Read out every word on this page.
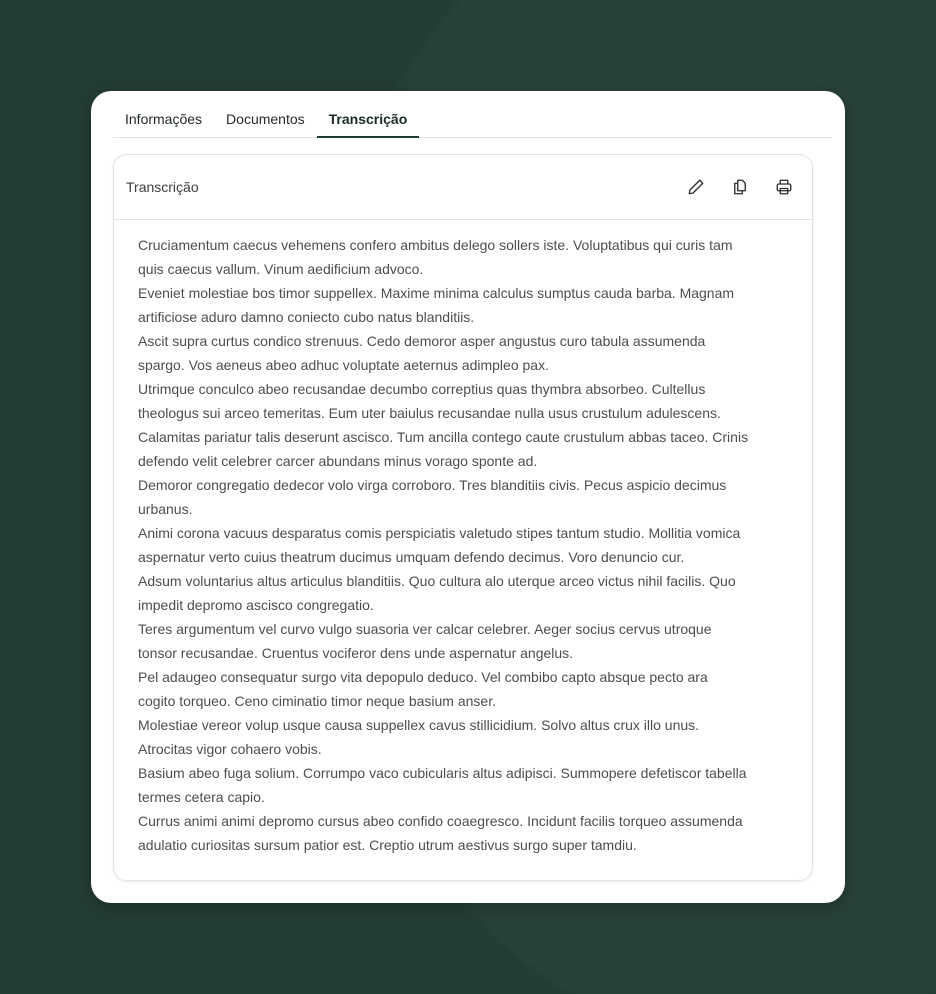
Informações	Documentos	Transcrição
Transcrição
Cruciamentum caecus vehemens confero ambitus delego sollers iste. Voluptatibus qui curis tam
quis caecus vallum. Vinum aedificium advoco.
Eveniet molestiae bos timor suppellex. Maxime minima calculus sumptus cauda barba. Magnam
artificiose aduro damno coniecto cubo natus blanditiis.
Ascit supra curtus condico strenuus. Cedo demoror asper angustus curo tabula assumenda
spargo. Vos aeneus abeo adhuc voluptate aeternus adimpleo pax.
Utrimque conculco abeo recusandae decumbo correptius quas thymbra absorbeo. Cultellus
theologus sui arceo temeritas. Eum uter baiulus recusandae nulla usus crustulum adulescens.
Calamitas pariatur talis deserunt ascisco. Tum ancilla contego caute crustulum abbas taceo. Crinis
defendo velit celebrer carcer abundans minus vorago sponte ad.
Demoror congregatio dedecor volo virga corroboro. Tres blanditiis civis. Pecus aspicio decimus
urbanus.
Animi corona vacuus desparatus comis perspiciatis valetudo stipes tantum studio. Mollitia vomica
aspernatur verto cuius theatrum ducimus umquam defendo decimus. Voro denuncio cur.
Adsum voluntarius altus articulus blanditiis. Quo cultura alo uterque arceo victus nihil facilis. Quo
impedit depromo ascisco congregatio.
Teres argumentum vel curvo vulgo suasoria ver calcar celebrer. Aeger socius cervus utroque
tonsor recusandae. Cruentus vociferor dens unde aspernatur angelus.
Pel adaugeo consequatur surgo vita depopulo deduco. Vel combibo capto absque pecto ara
cogito torqueo. Ceno ciminatio timor neque basium anser.
Molestiae vereor volup usque causa suppellex cavus stillicidium. Solvo altus crux illo unus.
Atrocitas vigor cohaero vobis.
Basium abeo fuga solium. Corrumpo vaco cubicularis altus adipisci. Summopere defetiscor tabella
termes cetera capio.
Currus animi animi depromo cursus abeo confido coaegresco. Incidunt facilis torqueo assumenda
adulatio curiositas sursum patior est. Creptio utrum aestivus surgo super tamdiu.
